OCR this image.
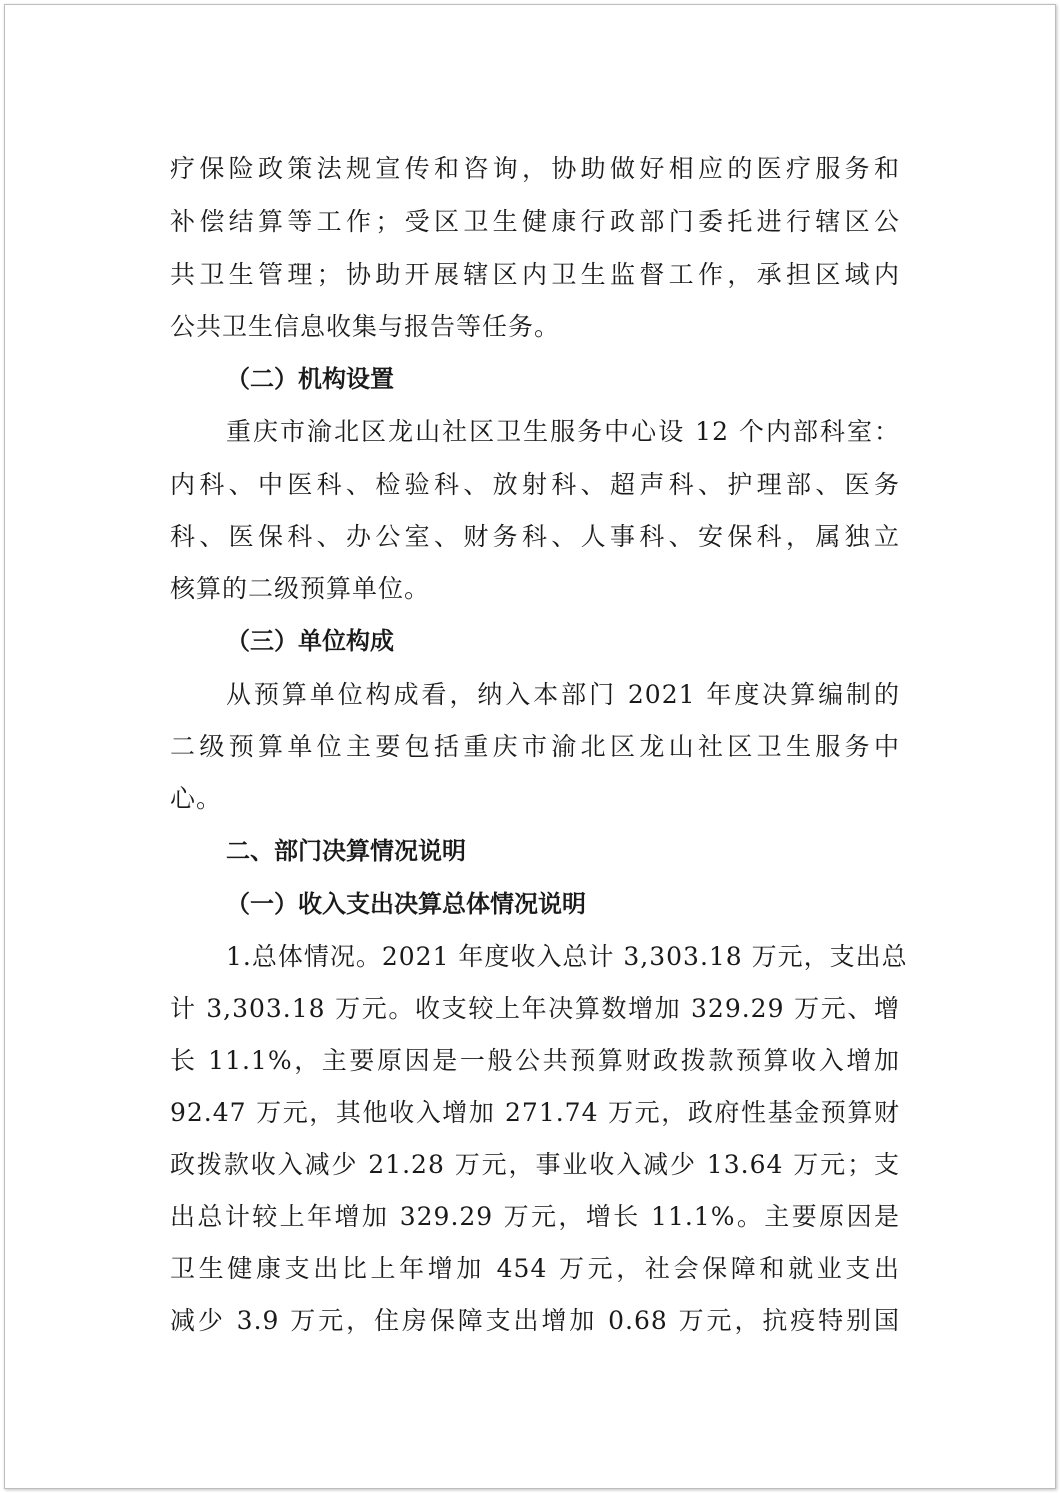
疗保险政策法规宣传和咨询，协助做好相应的医疗服务和
补偿结算等工作；受区卫生健康行政部门委托进行辖区公
共卫生管理；协助开展辖区内卫生监督工作，承担区域内
公共卫生信息收集与报告等任务。
（二）机构设置
重庆市渝北区龙山社区卫生服务中心设 12 个内部科室：
内科、中医科、检验科、放射科、超声科、护理部、医务
科、医保科、办公室、财务科、人事科、安保科，属独立
核算的二级预算单位。
（三）单位构成
从预算单位构成看，纳入本部门 2021 年度决算编制的
二级预算单位主要包括重庆市渝北区龙山社区卫生服务中
心。
二、部门决算情况说明
（一）收入支出决算总体情况说明
1.总体情况。2021 年度收入总计 3,303.18 万元，支出总
计 3,303.18 万元。收支较上年决算数增加 329.29 万元、增
长 11.1%，主要原因是一般公共预算财政拨款预算收入增加
92.47 万元，其他收入增加 271.74 万元，政府性基金预算财
政拨款收入减少 21.28 万元，事业收入减少 13.64 万元；支
出总计较上年增加 329.29 万元，增长 11.1%。主要原因是
卫生健康支出比上年增加 454 万元，社会保障和就业支出
减少 3.9 万元，住房保障支出增加 0.68 万元，抗疫特别国
